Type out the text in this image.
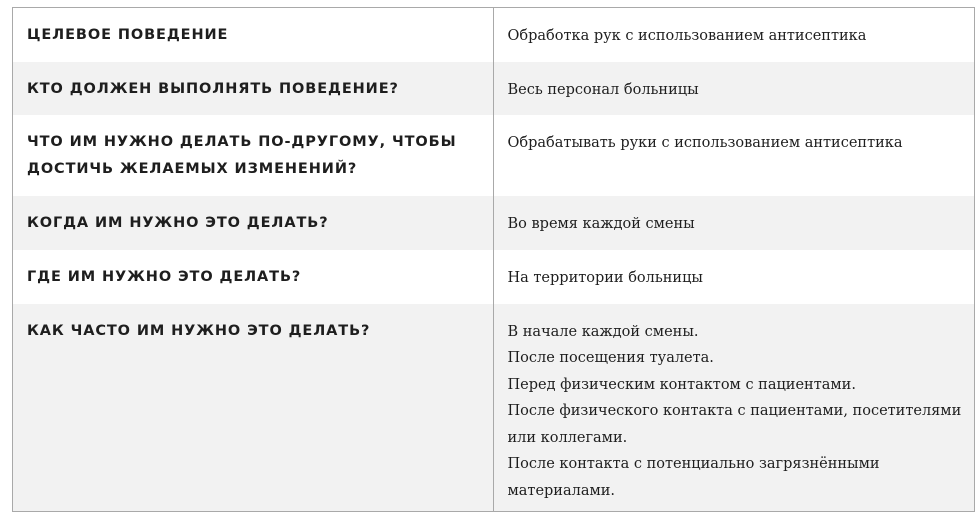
ЦЕЛЕВОЕ ПОВЕДЕНИЕ	Обработка рук с использованием антисептика

КТО ДОЛЖЕН ВЫПОЛНЯТЬ ПОВЕДЕНИЕ?	Весь персонал больницы

ЧТО ИМ НУЖНО ДЕЛАТЬ ПО-ДРУГОМУ, ЧТОБЫ ДОСТИЧЬ ЖЕЛАЕМЫХ ИЗМЕНЕНИЙ?	Обрабатывать руки с использованием антисептика

КОГДА ИМ НУЖНО ЭТО ДЕЛАТЬ?	Во время каждой смены

ГДЕ ИМ НУЖНО ЭТО ДЕЛАТЬ?	На территории больницы

КАК ЧАСТО ИМ НУЖНО ЭТО ДЕЛАТЬ?	В начале каждой смены.
После посещения туалета.
Перед физическим контактом с пациентами.
После физического контакта с пациентами, посетителями или коллегами.
После контакта с потенциально загрязнёнными материалами.
